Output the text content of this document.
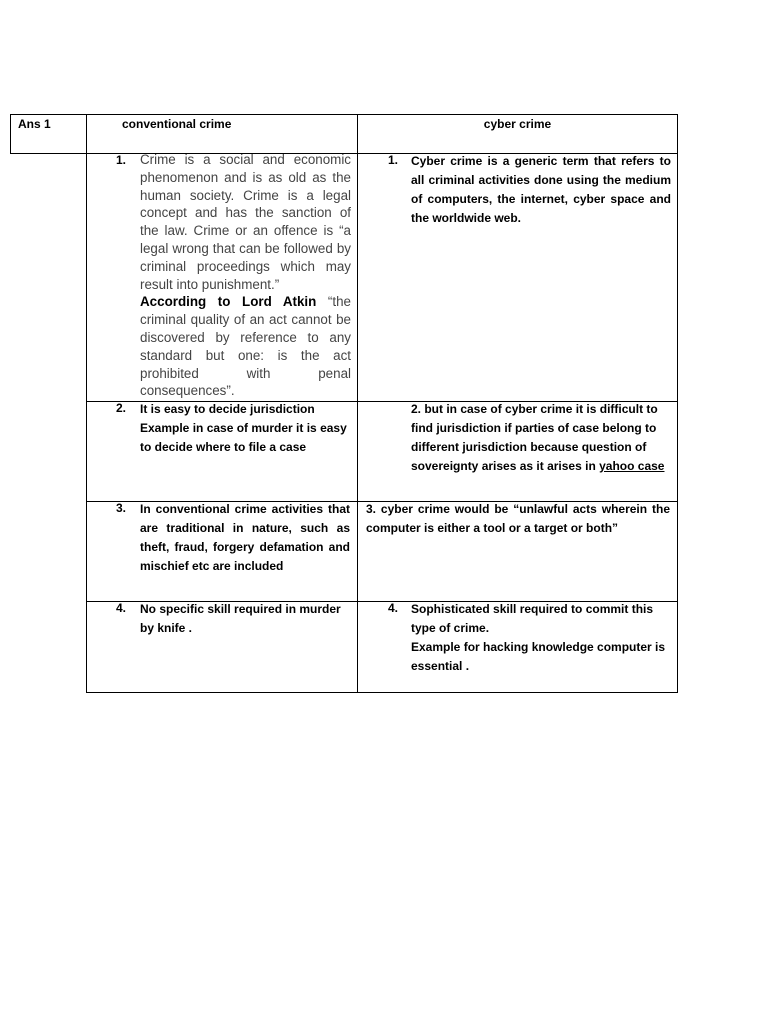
Ans 1	conventional crime	cyber crime
1. Crime is a social and economic phenomenon and is as old as the human society. Crime is a legal concept and has the sanction of the law. Crime or an offence is “a legal wrong that can be followed by criminal proceedings which may result into punishment.”
According to Lord Atkin “the criminal quality of an act cannot be discovered by reference to any standard but one: is the act prohibited with penal consequences”.
1. Cyber crime is a generic term that refers to all criminal activities done using the medium of computers, the internet, cyber space and the worldwide web.
2. It is easy to decide jurisdiction

Example in case of murder it is easy to decide where to file a case

2. but in case of cyber crime it is difficult to find jurisdiction if parties of case belong to different jurisdiction because question of sovereignty arises as it arises in yahoo case
3. In conventional crime activities that are traditional in nature, such as theft, fraud, forgery defamation and mischief etc are included
3. cyber crime would be “unlawful acts wherein the computer is either a tool or a target or both”
4. No specific skill required in murder by knife .
4. Sophisticated skill required to commit this type of crime.

Example for hacking knowledge computer is essential .
